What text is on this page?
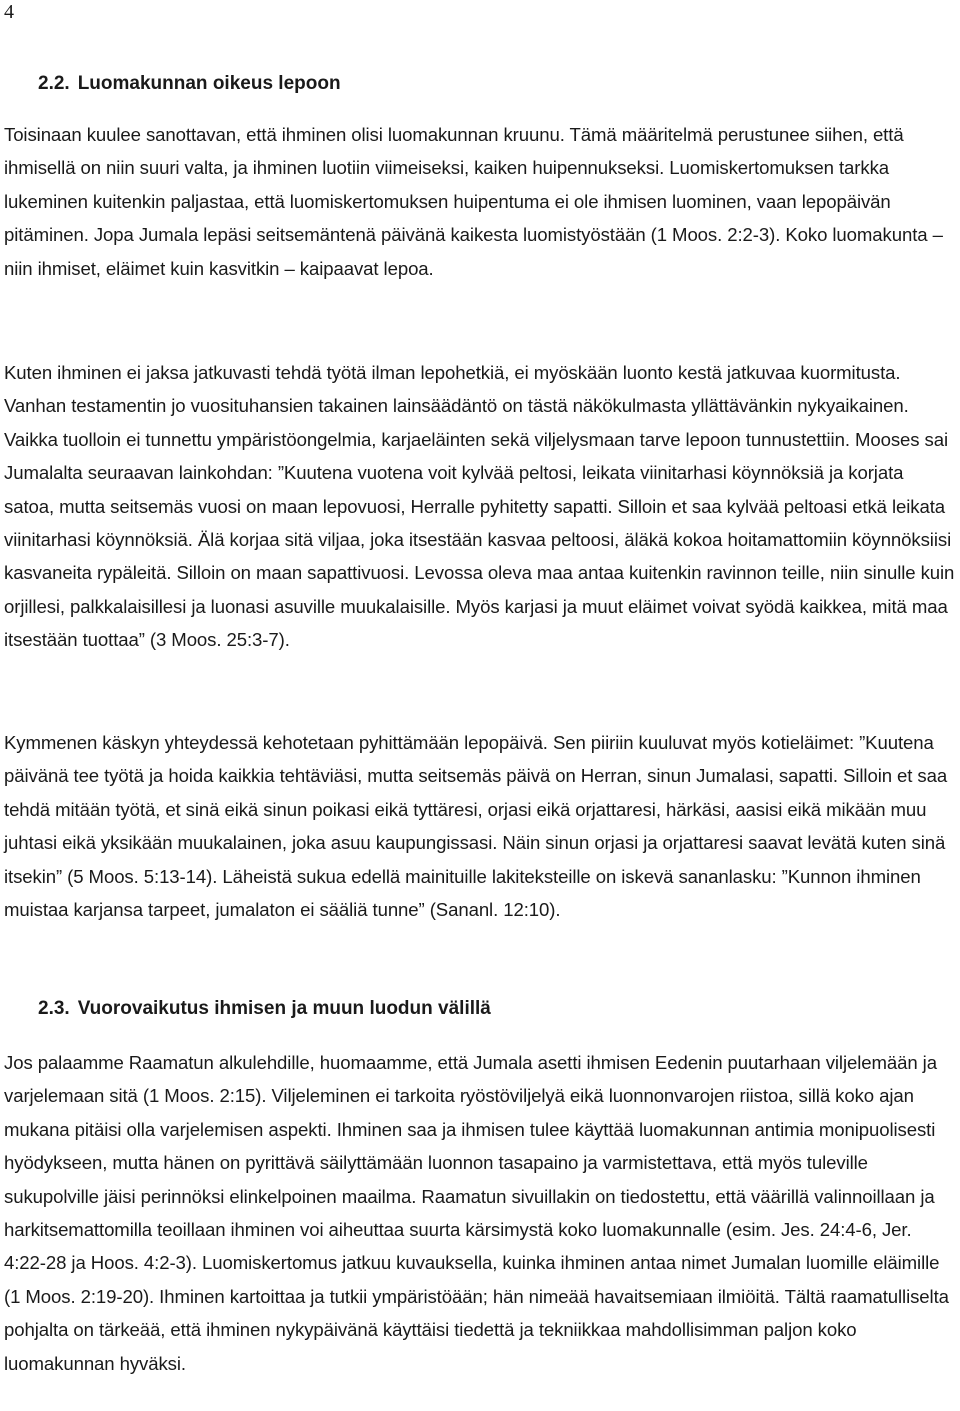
4
2.2. Luomakunnan oikeus lepoon

Toisinaan kuulee sanottavan, että ihminen olisi luomakunnan kruunu. Tämä määritelmä perustunee siihen, että ihmisellä on niin suuri valta, ja ihminen luotiin viimeiseksi, kaiken huipennukseksi. Luomiskertomuksen tarkka lukeminen kuitenkin paljastaa, että luomiskertomuksen huipentuma ei ole ihmisen luominen, vaan lepopäivän pitäminen. Jopa Jumala lepäsi seitsemäntenä päivänä kaikesta luomistyöstään (1 Moos. 2:2-3). Koko luomakunta – niin ihmiset, eläimet kuin kasvitkin – kaipaavat lepoa.

Kuten ihminen ei jaksa jatkuvasti tehdä työtä ilman lepohetkiä, ei myöskään luonto kestä jatkuvaa kuormitusta. Vanhan testamentin jo vuosituhansien takainen lainsäädäntö on tästä näkökulmasta yllättävänkin nykyaikainen. Vaikka tuolloin ei tunnettu ympäristöongelmia, karjaeläinten sekä viljelysmaan tarve lepoon tunnustettiin. Mooses sai Jumalalta seuraavan lainkohdan: ”Kuutena vuotena voit kylvää peltosi, leikata viinitarhasi köynnöksiä ja korjata satoa, mutta seitsemäs vuosi on maan lepovuosi, Herralle pyhitetty sapatti. Silloin et saa kylvää peltoasi etkä leikata viinitarhasi köynnöksiä. Älä korjaa sitä viljaa, joka itsestään kasvaa peltoosi, äläkä kokoa hoitamattomiin köynnöksiisi kasvaneita rypäleitä. Silloin on maan sapattivuosi. Levossa oleva maa antaa kuitenkin ravinnon teille, niin sinulle kuin orjillesi, palkkalaisillesi ja luonasi asuville muukalaisille. Myös karjasi ja muut eläimet voivat syödä kaikkea, mitä maa itsestään tuottaa” (3 Moos. 25:3-7).

Kymmenen käskyn yhteydessä kehotetaan pyhittämään lepopäivä. Sen piiriin kuuluvat myös kotieläimet: ”Kuutena päivänä tee työtä ja hoida kaikkia tehtäviäsi, mutta seitsemäs päivä on Herran, sinun Jumalasi, sapatti. Silloin et saa tehdä mitään työtä, et sinä eikä sinun poikasi eikä tyttäresi, orjasi eikä orjattaresi, härkäsi, aasisi eikä mikään muu juhtasi eikä yksikään muukalainen, joka asuu kaupungissasi. Näin sinun orjasi ja orjattaresi saavat levätä kuten sinä itsekin” (5 Moos. 5:13-14). Läheistä sukua edellä mainituille lakiteksteille on iskevä sananlasku: ”Kunnon ihminen muistaa karjansa tarpeet, jumalaton ei sääliä tunne” (Sananl. 12:10).

2.3. Vuorovaikutus ihmisen ja muun luodun välillä

Jos palaamme Raamatun alkulehdille, huomaamme, että Jumala asetti ihmisen Eedenin puutarhaan viljelemään ja varjelemaan sitä (1 Moos. 2:15). Viljeleminen ei tarkoita ryöstöviljelyä eikä luonnonvarojen riistoa, sillä koko ajan mukana pitäisi olla varjelemisen aspekti. Ihminen saa ja ihmisen tulee käyttää luomakunnan antimia monipuolisesti hyödykseen, mutta hänen on pyrittävä säilyttämään luonnon tasapaino ja varmistettava, että myös tuleville sukupolville jäisi perinnöksi elinkelpoinen maailma. Raamatun sivuillakin on tiedostettu, että väärillä valinnoillaan ja harkitsemattomilla teoillaan ihminen voi aiheuttaa suurta kärsimystä koko luomakunnalle (esim. Jes. 24:4-6, Jer. 4:22-28 ja Hoos. 4:2-3). Luomiskertomus jatkuu kuvauksella, kuinka ihminen antaa nimet Jumalan luomille eläimille (1 Moos. 2:19-20). Ihminen kartoittaa ja tutkii ympäristöään; hän nimeää havaitsemiaan ilmiöitä. Tältä raamatulliselta pohjalta on tärkeää, että ihminen nykypäivänä käyttäisi tiedettä ja tekniikkaa mahdollisimman paljon koko luomakunnan hyväksi.
